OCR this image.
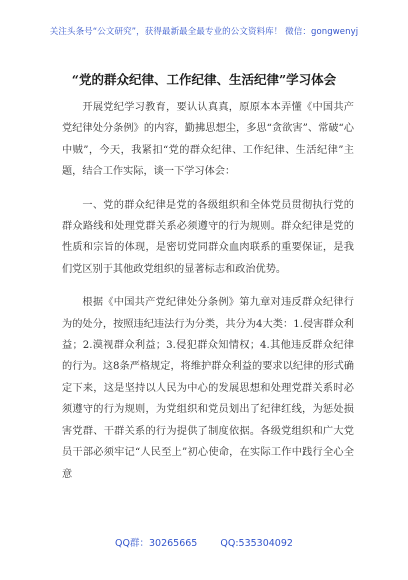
关注头条号“公文研究”，获得最新最全最专业的公文资料库！ 微信：gongwenyj
“党的群众纪律、工作纪律、生活纪律”学习体会

开展党纪学习教育，要认认真真，原原本本弄懂《中国共产党纪律处分条例》的内容，勤拂思想尘，多思“贪欲害”、常破“心中贼”，今天，我紧扣“党的群众纪律、工作纪律、生活纪律”主题，结合工作实际，谈一下学习体会：

一、党的群众纪律是党的各级组织和全体党员贯彻执行党的群众路线和处理党群关系必须遵守的行为规则。群众纪律是党的性质和宗旨的体现，是密切党同群众血肉联系的重要保证，是我们党区别于其他政党组织的显著标志和政治优势。

根据《中国共产党纪律处分条例》第九章对违反群众纪律行为的处分，按照违纪违法行为分类，共分为4大类：1.侵害群众利益；2.漠视群众利益；3.侵犯群众知情权；4.其他违反群众纪律的行为。这8条严格规定，将维护群众利益的要求以纪律的形式确定下来，这是坚持以人民为中心的发展思想和处理党群关系时必须遵守的行为规则，为党组织和党员划出了纪律红线，为惩处损害党群、干群关系的行为提供了制度依据。各级党组织和广大党员干部必须牢记“人民至上”初心使命，在实际工作中践行全心全意

QQ群：30265665 QQ:535304092
